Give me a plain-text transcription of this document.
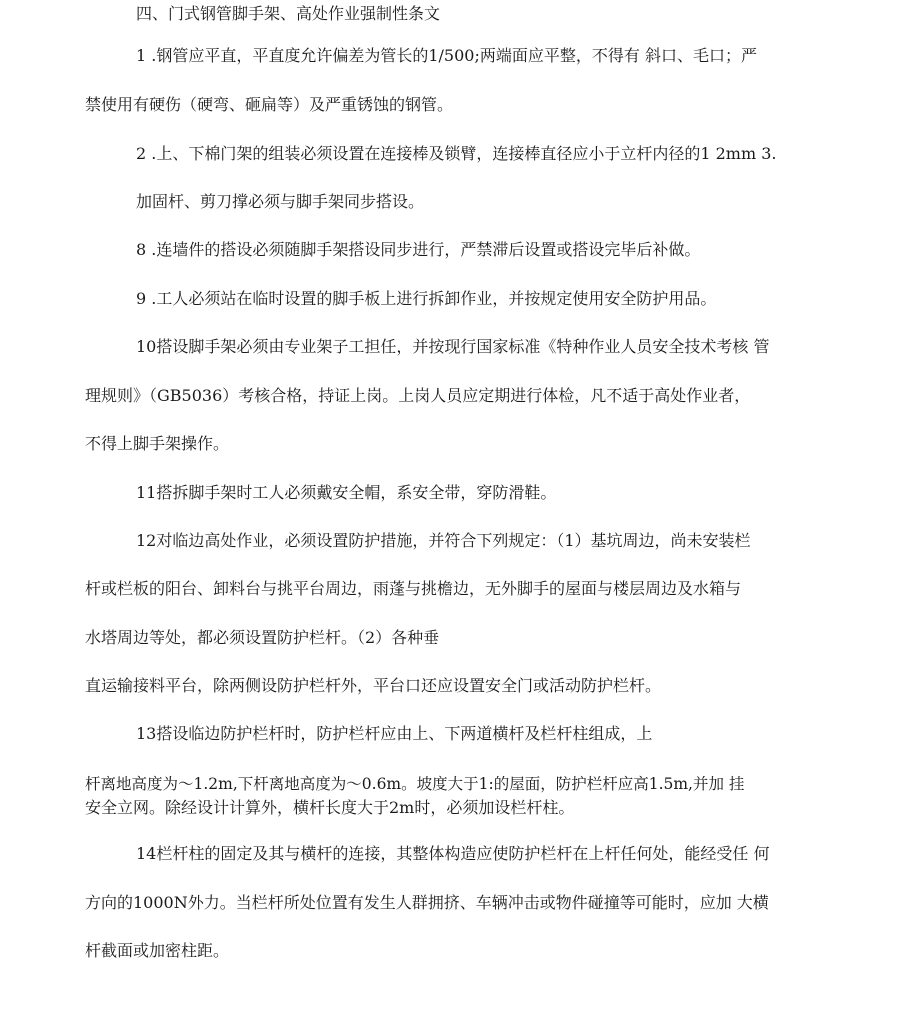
四、门式钢管脚手架、高处作业强制性条文

1 .钢管应平直，平直度允许偏差为管长的1/500;两端面应平整，不得有 斜口、毛口；严

禁使用有硬伤（硬弯、砸扁等）及严重锈蚀的钢管。

2 .上、下棉门架的组装必须设置在连接棒及锁臂，连接棒直径应小于立杆内径的1 2mm 3.

加固杆、剪刀撑必须与脚手架同步搭设。

8 .连墙件的搭设必须随脚手架搭设同步进行，严禁滞后设置或搭设完毕后补做。

9 .工人必须站在临时设置的脚手板上进行拆卸作业，并按规定使用安全防护用品。

10搭设脚手架必须由专业架子工担任，并按现行国家标准《特种作业人员安全技术考核 管

理规则》（GB5036）考核合格，持证上岗。上岗人员应定期进行体检，凡不适于高处作业者，

不得上脚手架操作。

11搭拆脚手架时工人必须戴安全帽，系安全带，穿防滑鞋。

12对临边高处作业，必须设置防护措施，并符合下列规定：（1）基坑周边，尚未安装栏

杆或栏板的阳台、卸料台与挑平台周边，雨蓬与挑檐边，无外脚手的屋面与楼层周边及水箱与

水塔周边等处，都必须设置防护栏杆。（2）各种垂

直运输接料平台，除两侧设防护栏杆外，平台口还应设置安全门或活动防护栏杆。

13搭设临边防护栏杆时，防护栏杆应由上、下两道横杆及栏杆柱组成，上

杆离地高度为～1.2m,下杆离地高度为～0.6m。坡度大于1:的屋面，防护栏杆应高1.5m,并加 挂

安全立网。除经设计计算外，横杆长度大于2m时，必须加设栏杆柱。

14栏杆柱的固定及其与横杆的连接，其整体构造应使防护栏杆在上杆任何处，能经受任 何

方向的1000N外力。当栏杆所处位置有发生人群拥挤、车辆冲击或物件碰撞等可能时，应加 大横

杆截面或加密柱距。
